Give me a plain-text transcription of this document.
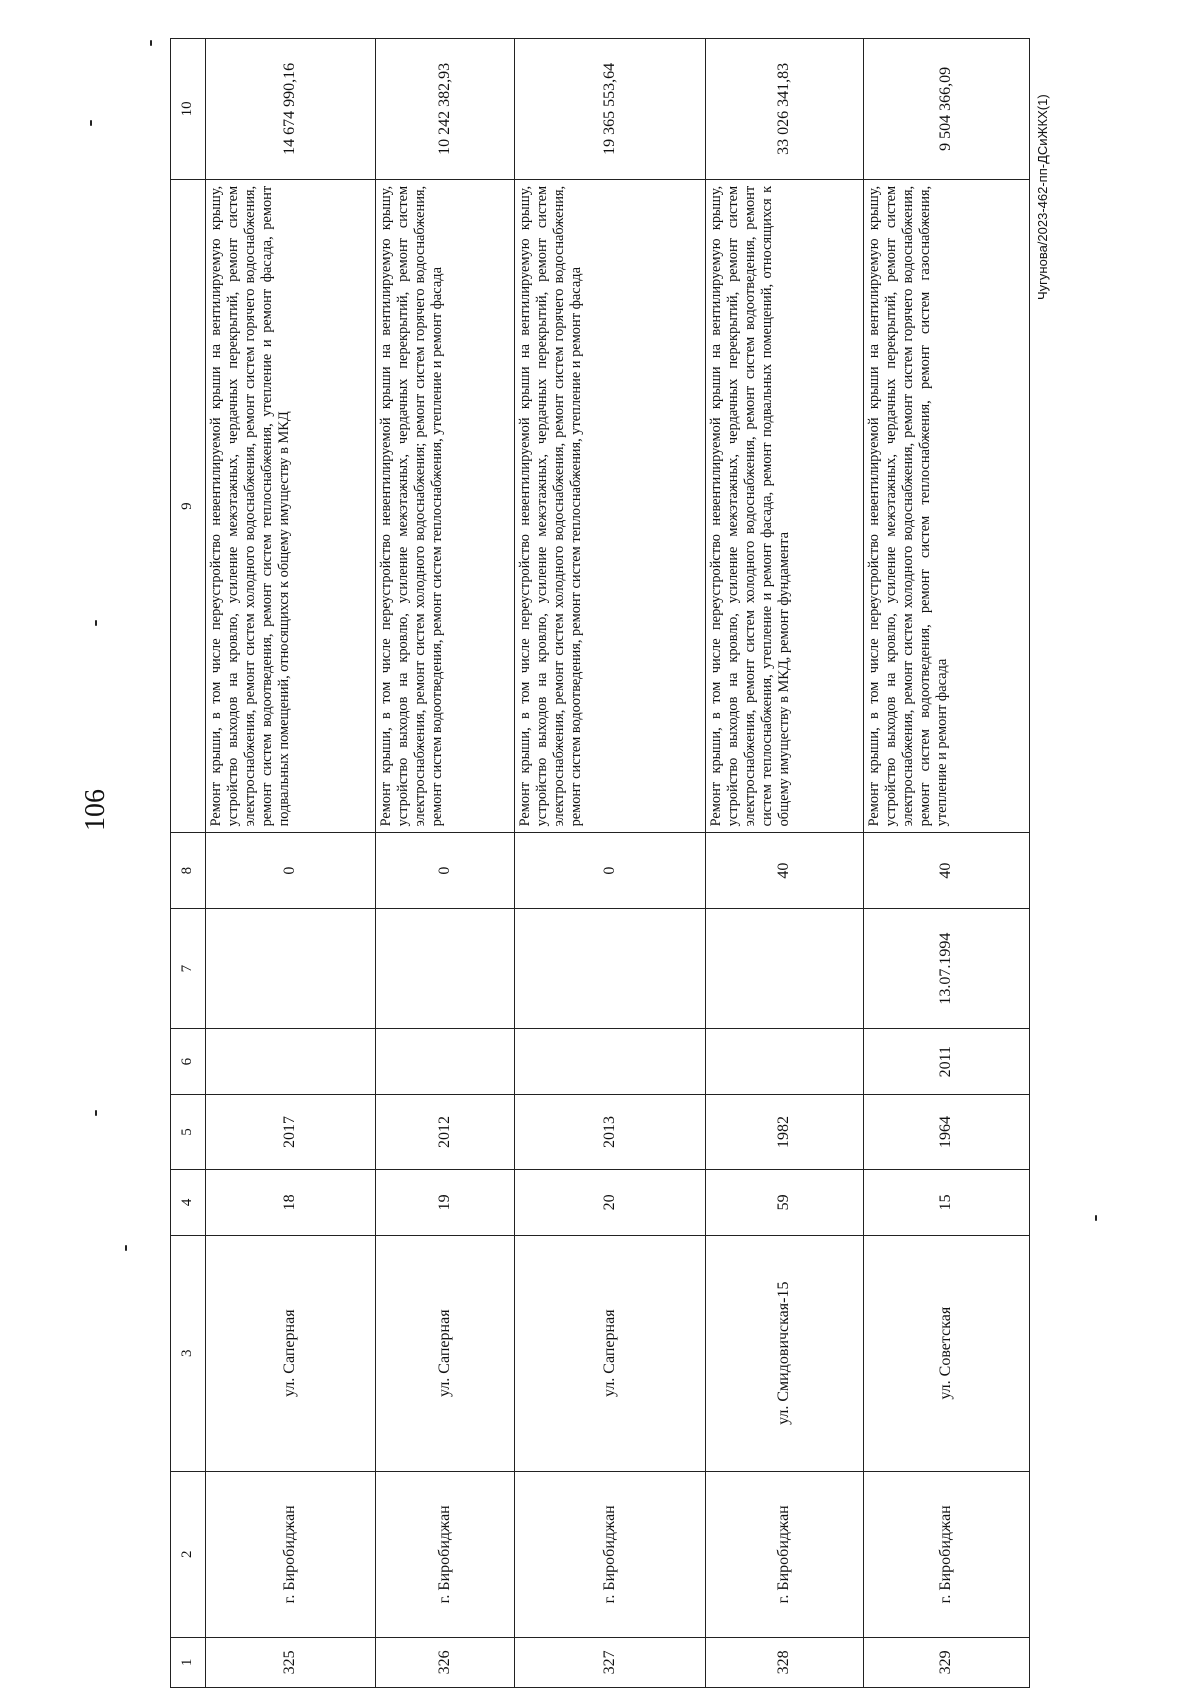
106
Чугунова/2023-462-пп-ДСиЖКХ(1)
1	2	3	4	5	6	7	8	9	10
325	г. Биробиджан	ул. Саперная	18	2017			0	Ремонт крыши, в том числе переустройство невентилируемой крыши на вентилируемую крышу, устройство выходов на кровлю, усиление межэтажных, чердачных перекрытий, ремонт систем электроснабжения, ремонт систем холодного водоснабжения, ремонт систем горячего водоснабжения, ремонт систем водоотведения, ремонт систем теплоснабжения, утепление и ремонт фасада, ремонт подвальных помещений, относящихся к общему имуществу в МКД	14 674 990,16
326	г. Биробиджан	ул. Саперная	19	2012			0	Ремонт крыши, в том числе переустройство невентилируемой крыши на вентилируемую крышу, устройство выходов на кровлю, усиление межэтажных, чердачных перекрытий, ремонт систем электроснабжения, ремонт систем холодного водоснабжения; ремонт систем горячего водоснабжения, ремонт систем водоотведения, ремонт систем теплоснабжения, утепление и ремонт фасада	10 242 382,93
327	г. Биробиджан	ул. Саперная	20	2013			0	Ремонт крыши, в том числе переустройство невентилируемой крыши на вентилируемую крышу, устройство выходов на кровлю, усиление межэтажных, чердачных перекрытий, ремонт систем электроснабжения, ремонт систем холодного водоснабжения, ремонт систем горячего водоснабжения, ремонт систем водоотведения, ремонт систем теплоснабжения, утепление и ремонт фасада	19 365 553,64
328	г. Биробиджан	ул. Смидовичская-15	59	1982			40	Ремонт крыши, в том числе переустройство невентилируемой крыши на вентилируемую крышу, устройство выходов на кровлю, усиление межэтажных, чердачных перекрытий, ремонт систем электроснабжения, ремонт систем холодного водоснабжения, ремонт систем водоотведения, ремонт систем теплоснабжения, утепление и ремонт фасада, ремонт подвальных помещений, относящихся к общему имуществу в МКД, ремонт фундамента	33 026 341,83
329	г. Биробиджан	ул. Советская	15	1964	2011	13.07.1994	40	Ремонт крыши, в том числе переустройство невентилируемой крыши на вентилируемую крышу, устройство выходов на кровлю, усиление межэтажных, чердачных перекрытий, ремонт систем электроснабжения, ремонт систем холодного водоснабжения, ремонт систем горячего водоснабжения, ремонт систем водоотведения, ремонт систем теплоснабжения, ремонт систем газоснабжения, утепление и ремонт фасада	9 504 366,09
